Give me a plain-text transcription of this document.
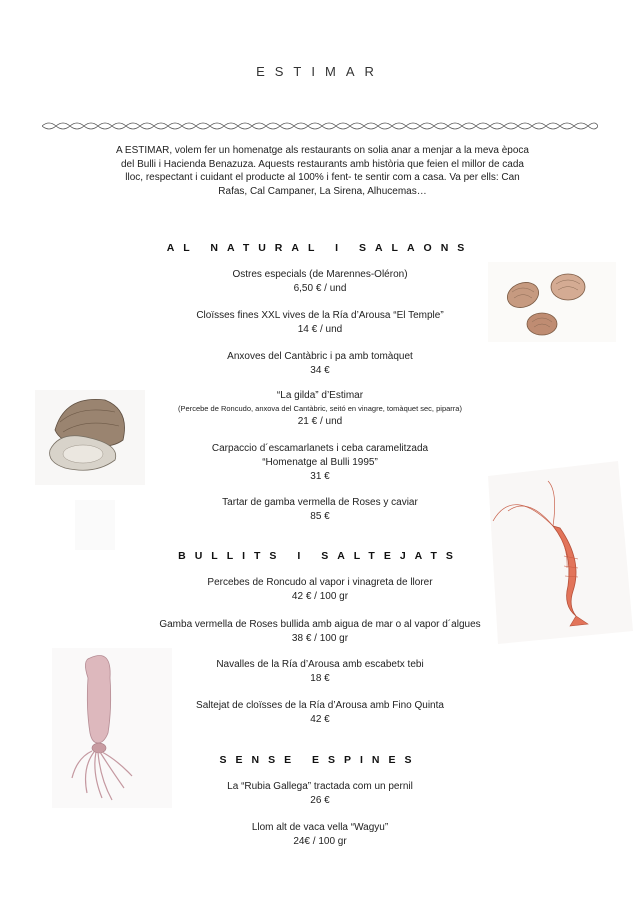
ESTIMAR
A ESTIMAR, volem fer un homenatge als restaurants on solia anar a menjar a la meva època del Bulli i Hacienda Benazuza. Aquests restaurants amb història que feien el millor de cada lloc, respectant i cuidant el producte al 100% i fent- te sentir com a casa. Va per ells: Can Rafas, Cal Campaner, La Sirena, Alhucemas…
AL NATURAL I SALAONS
Ostres especials (de Marennes-Oléron)
6,50 € / und
Cloïsses fines XXL vives de la Ría d’Arousa “El Temple”
14 € / und
Anxoves del Cantàbric i pa amb tomàquet
34 €
“La gilda” d’Estimar
(Percebe de Roncudo, anxova del Cantàbric, seitó en vinagre, tomàquet sec, piparra)
21 € / und
Carpaccio d´escamarlanets i ceba caramelitzada
“Homenatge al Bulli 1995”
31 €
Tartar de gamba vermella de Roses y caviar
85 €
BULLITS I SALTEJATS
Percebes de Roncudo al vapor i vinagreta de llorer
42 € / 100 gr
Gamba vermella de Roses bullida amb aigua de mar o al vapor d´algues
38 € / 100 gr
Navalles de la Ría d’Arousa amb escabetx tebi
18 €
Saltejat de cloïsses de la Ría d’Arousa amb Fino Quinta
42 €
SENSE ESPINES
La “Rubia Gallega” tractada com un pernil
26 €
Llom alt de vaca vella “Wagyu”
24€ / 100 gr
